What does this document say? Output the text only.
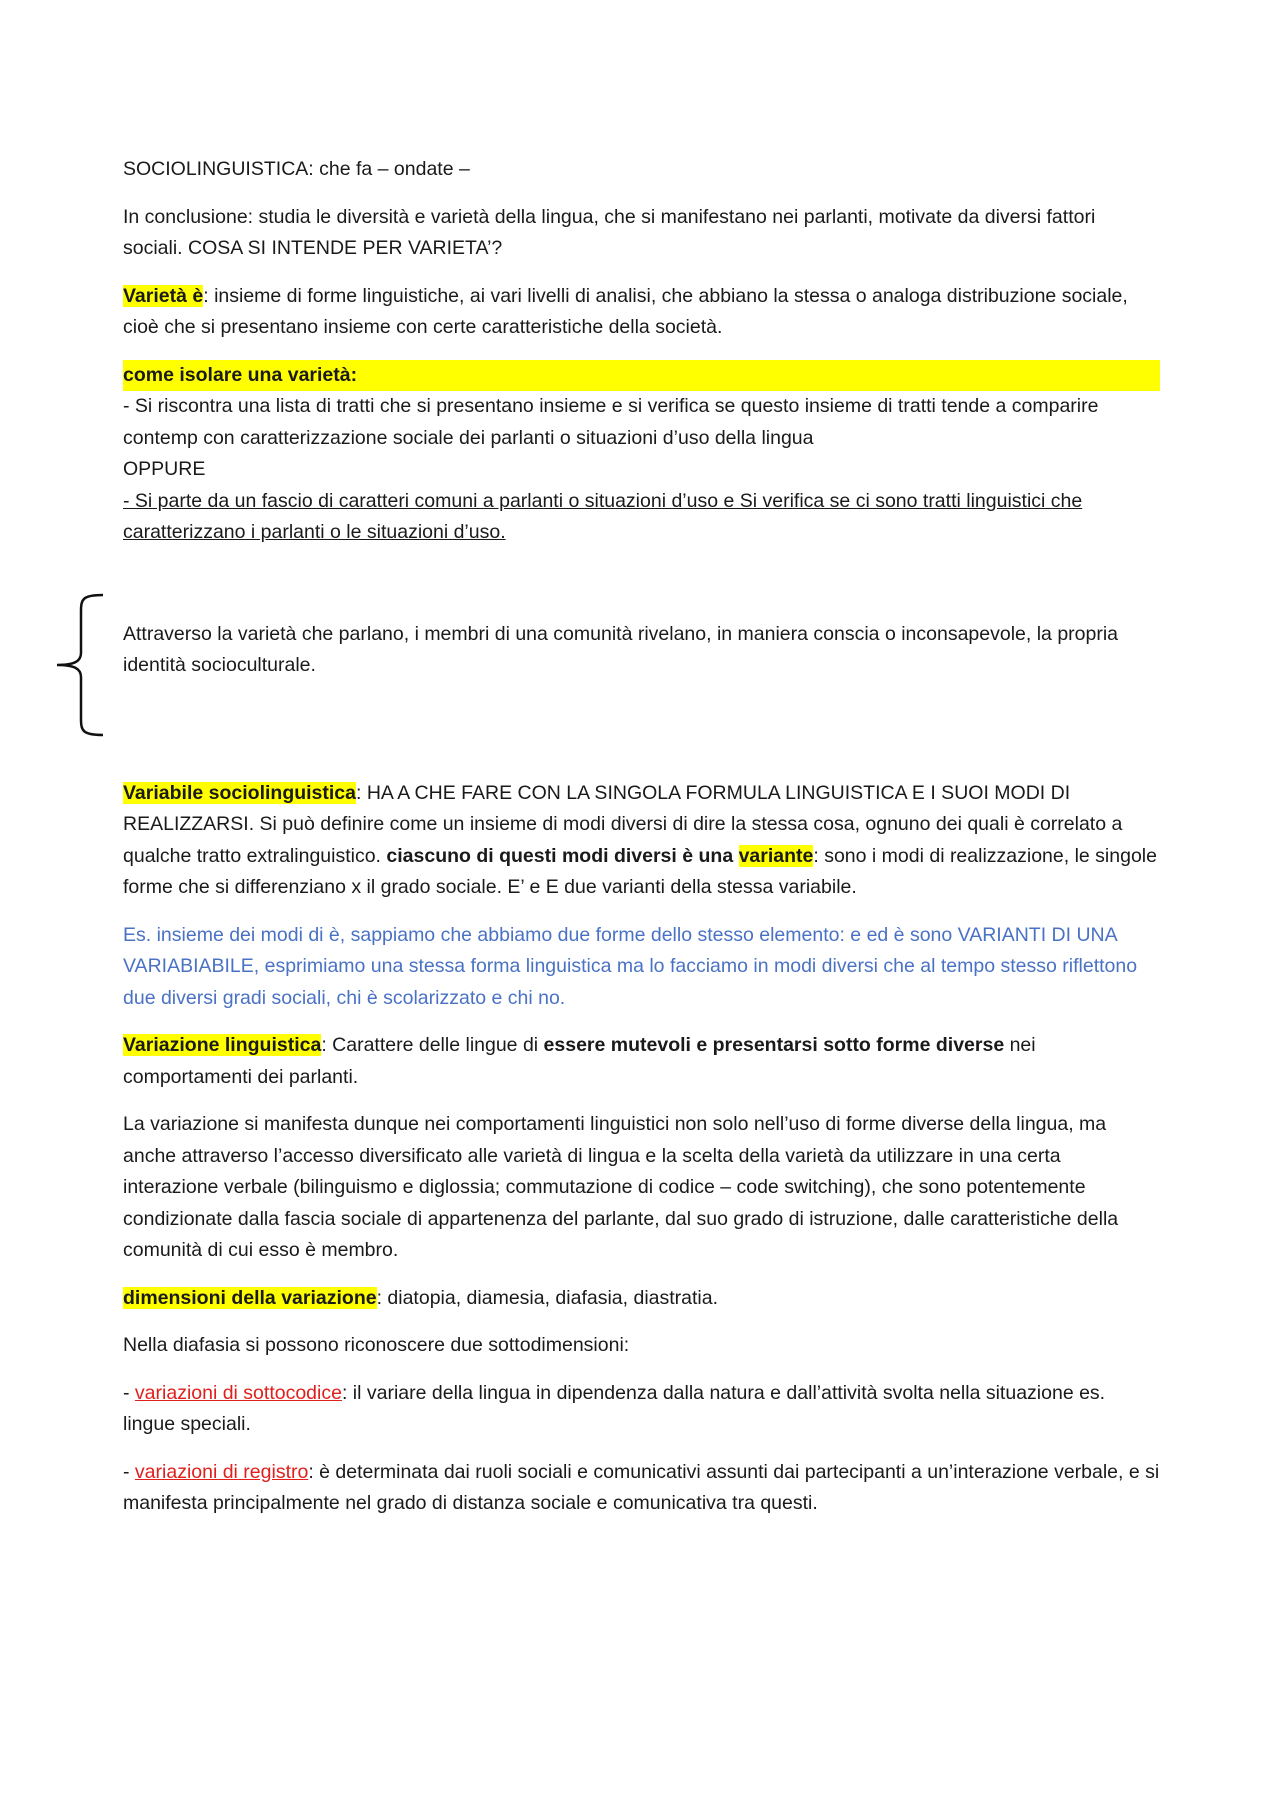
SOCIOLINGUISTICA: che fa – ondate –

In conclusione: studia le diversità e varietà della lingua, che si manifestano nei parlanti, motivate da diversi fattori sociali. COSA SI INTENDE PER VARIETA’?

Varietà è: insieme di forme linguistiche, ai vari livelli di analisi, che abbiano la stessa o analoga distribuzione sociale, cioè che si presentano insieme con certe caratteristiche della società.

come isolare una varietà:
- Si riscontra una lista di tratti che si presentano insieme e si verifica se questo insieme di tratti tende a comparire contemp con caratterizzazione sociale dei parlanti o situazioni d’uso della lingua
OPPURE
- Si parte da un fascio di caratteri comuni a parlanti o situazioni d’uso e Si verifica se ci sono tratti linguistici che caratterizzano i parlanti o le situazioni d’uso.

Attraverso la varietà che parlano, i membri di una comunità rivelano, in maniera conscia o inconsapevole, la propria identità socioculturale.

Variabile sociolinguistica: HA A CHE FARE CON LA SINGOLA FORMULA LINGUISTICA E I SUOI MODI DI REALIZZARSI. Si può definire come un insieme di modi diversi di dire la stessa cosa, ognuno dei quali è correlato a qualche tratto extralinguistico. ciascuno di questi modi diversi è una variante: sono i modi di realizzazione, le singole forme che si differenziano x il grado sociale. E’ e E due varianti della stessa variabile.

Es. insieme dei modi di è, sappiamo che abbiamo due forme dello stesso elemento: e ed è sono VARIANTI DI UNA VARIABIABILE, esprimiamo una stessa forma linguistica ma lo facciamo in modi diversi che al tempo stesso riflettono due diversi gradi sociali, chi è scolarizzato e chi no.

Variazione linguistica: Carattere delle lingue di essere mutevoli e presentarsi sotto forme diverse nei comportamenti dei parlanti.

La variazione si manifesta dunque nei comportamenti linguistici non solo nell’uso di forme diverse della lingua, ma anche attraverso l’accesso diversificato alle varietà di lingua e la scelta della varietà da utilizzare in una certa interazione verbale (bilinguismo e diglossia; commutazione di codice – code switching), che sono potentemente condizionate dalla fascia sociale di appartenenza del parlante, dal suo grado di istruzione, dalle caratteristiche della comunità di cui esso è membro.

dimensioni della variazione: diatopia, diamesia, diafasia, diastratia.

Nella diafasia si possono riconoscere due sottodimensioni:

- variazioni di sottocodice: il variare della lingua in dipendenza dalla natura e dall’attività svolta nella situazione es. lingue speciali.

- variazioni di registro: è determinata dai ruoli sociali e comunicativi assunti dai partecipanti a un’interazione verbale, e si manifesta principalmente nel grado di distanza sociale e comunicativa tra questi.
